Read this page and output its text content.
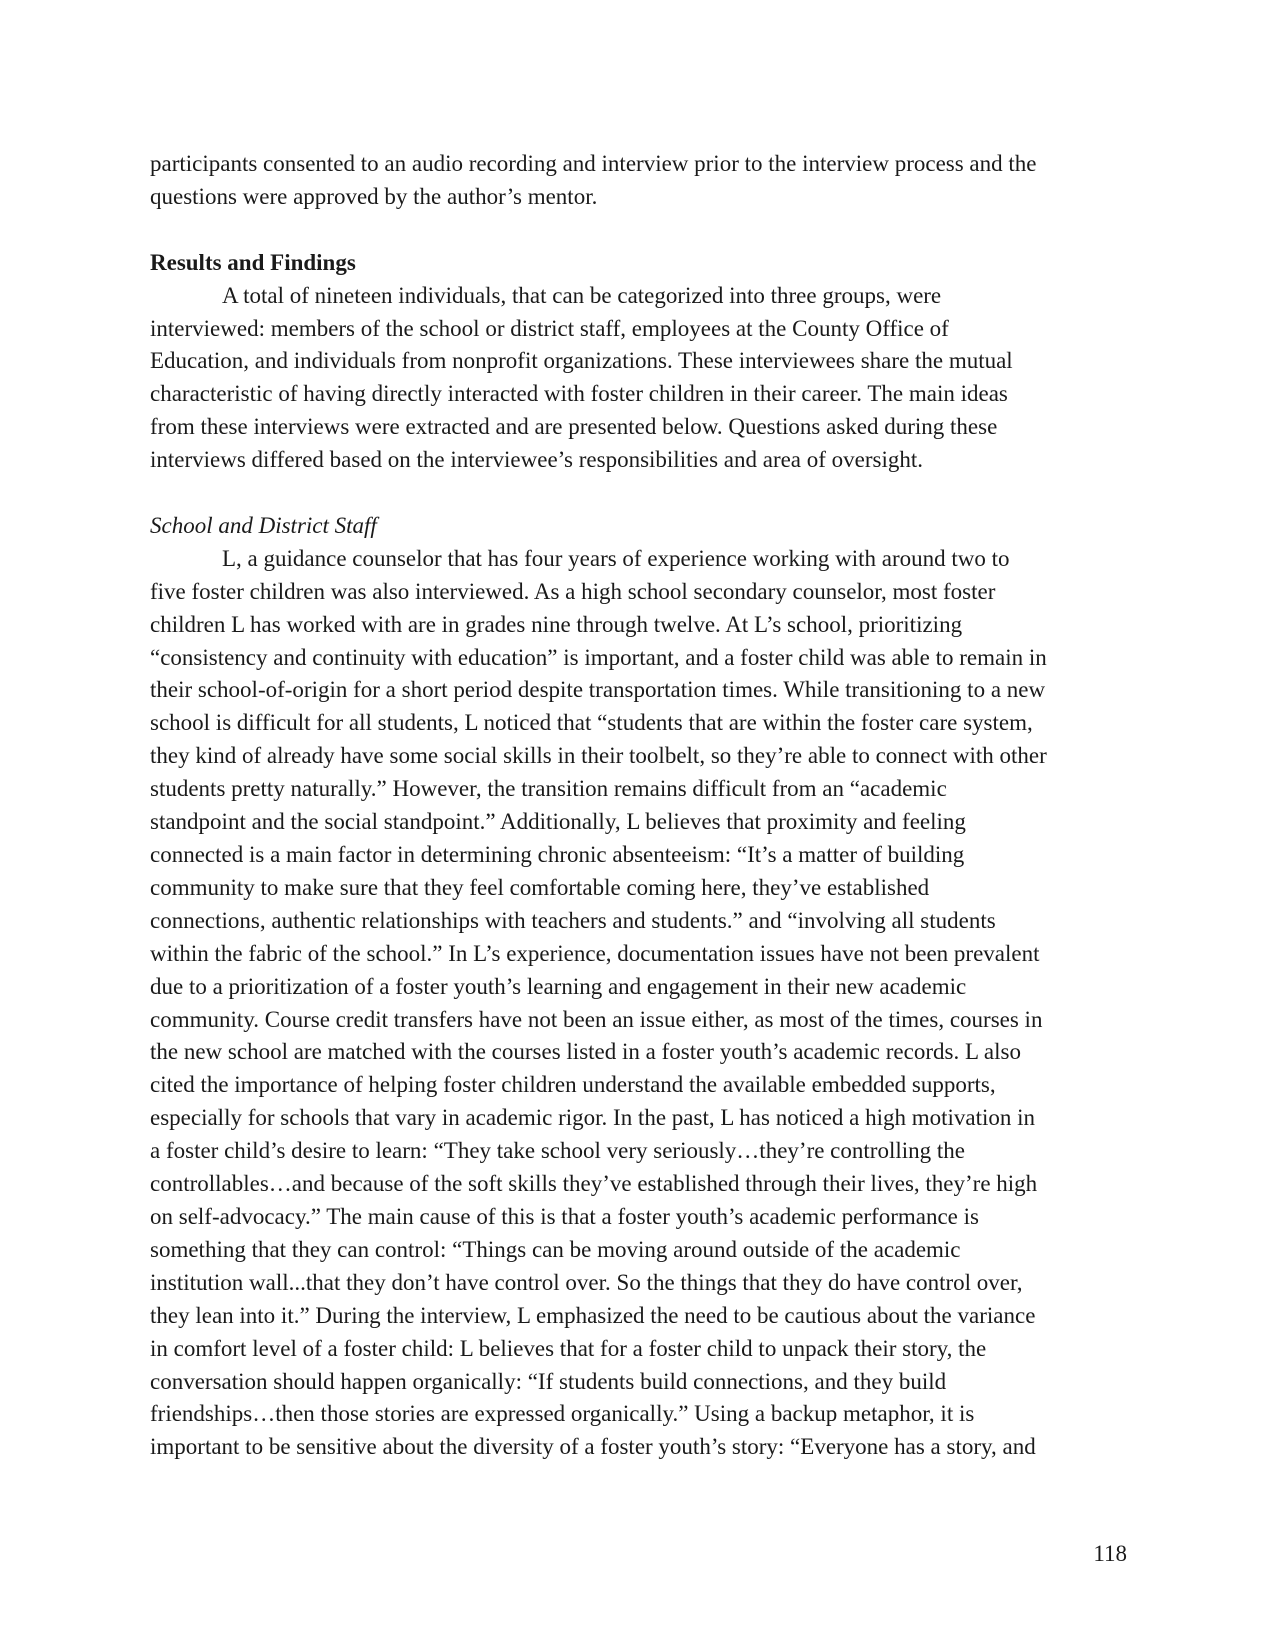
participants consented to an audio recording and interview prior to the interview process and the
questions were approved by the author’s mentor.

Results and Findings

A total of nineteen individuals, that can be categorized into three groups, were
interviewed: members of the school or district staff, employees at the County Office of
Education, and individuals from nonprofit organizations. These interviewees share the mutual
characteristic of having directly interacted with foster children in their career. The main ideas
from these interviews were extracted and are presented below. Questions asked during these
interviews differed based on the interviewee’s responsibilities and area of oversight.

School and District Staff

L, a guidance counselor that has four years of experience working with around two to
five foster children was also interviewed. As a high school secondary counselor, most foster
children L has worked with are in grades nine through twelve. At L’s school, prioritizing
“consistency and continuity with education” is important, and a foster child was able to remain in
their school-of-origin for a short period despite transportation times. While transitioning to a new
school is difficult for all students, L noticed that “students that are within the foster care system,
they kind of already have some social skills in their toolbelt, so they’re able to connect with other
students pretty naturally.” However, the transition remains difficult from an “academic
standpoint and the social standpoint.” Additionally, L believes that proximity and feeling
connected is a main factor in determining chronic absenteeism: “It’s a matter of building
community to make sure that they feel comfortable coming here, they’ve established
connections, authentic relationships with teachers and students.” and “involving all students
within the fabric of the school.” In L’s experience, documentation issues have not been prevalent
due to a prioritization of a foster youth’s learning and engagement in their new academic
community. Course credit transfers have not been an issue either, as most of the times, courses in
the new school are matched with the courses listed in a foster youth’s academic records. L also
cited the importance of helping foster children understand the available embedded supports,
especially for schools that vary in academic rigor. In the past, L has noticed a high motivation in
a foster child’s desire to learn: “They take school very seriously…they’re controlling the
controllables…and because of the soft skills they’ve established through their lives, they’re high
on self-advocacy.” The main cause of this is that a foster youth’s academic performance is
something that they can control: “Things can be moving around outside of the academic
institution wall...that they don’t have control over. So the things that they do have control over,
they lean into it.” During the interview, L emphasized the need to be cautious about the variance
in comfort level of a foster child: L believes that for a foster child to unpack their story, the
conversation should happen organically: “If students build connections, and they build
friendships…then those stories are expressed organically.” Using a backup metaphor, it is
important to be sensitive about the diversity of a foster youth’s story: “Everyone has a story, and

118
